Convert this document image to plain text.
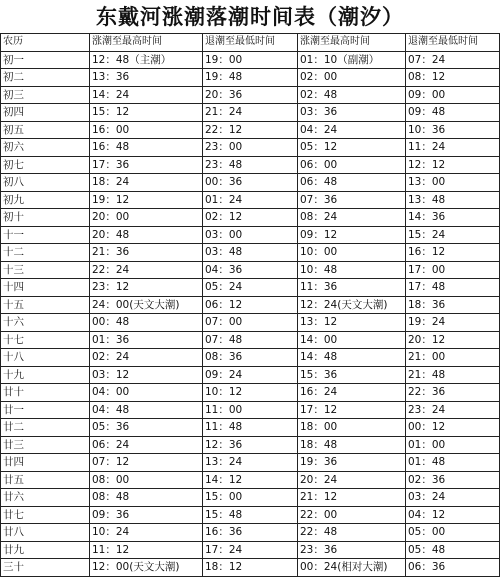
东戴河涨潮落潮时间表（潮汐）
农历	涨潮至最高时间	退潮至最低时间	涨潮至最高时间	退潮至最低时间
初一	12：48（主潮）	19：00	01：10（副潮）	07：24
初二	13：36	19：48	02：00	08：12
初三	14：24	20：36	02：48	09：00
初四	15：12	21：24	03：36	09：48
初五	16：00	22：12	04：24	10：36
初六	16：48	23：00	05：12	11：24
初七	17：36	23：48	06：00	12：12
初八	18：24	00：36	06：48	13：00
初九	19：12	01：24	07：36	13：48
初十	20：00	02：12	08：24	14：36
十一	20：48	03：00	09：12	15：24
十二	21：36	03：48	10：00	16：12
十三	22：24	04：36	10：48	17：00
十四	23：12	05：24	11：36	17：48
十五	24：00(天文大潮)	06：12	12：24(天文大潮)	18：36
十六	00：48	07：00	13：12	19：24
十七	01：36	07：48	14：00	20：12
十八	02：24	08：36	14：48	21：00
十九	03：12	09：24	15：36	21：48
廿十	04：00	10：12	16：24	22：36
廿一	04：48	11：00	17：12	23：24
廿二	05：36	11：48	18：00	00：12
廿三	06：24	12：36	18：48	01：00
廿四	07：12	13：24	19：36	01：48
廿五	08：00	14：12	20：24	02：36
廿六	08：48	15：00	21：12	03：24
廿七	09：36	15：48	22：00	04：12
廿八	10：24	16：36	22：48	05：00
廿九	11：12	17：24	23：36	05：48
三十	12：00(天文大潮)	18：12	00：24(相对大潮)	06：36
